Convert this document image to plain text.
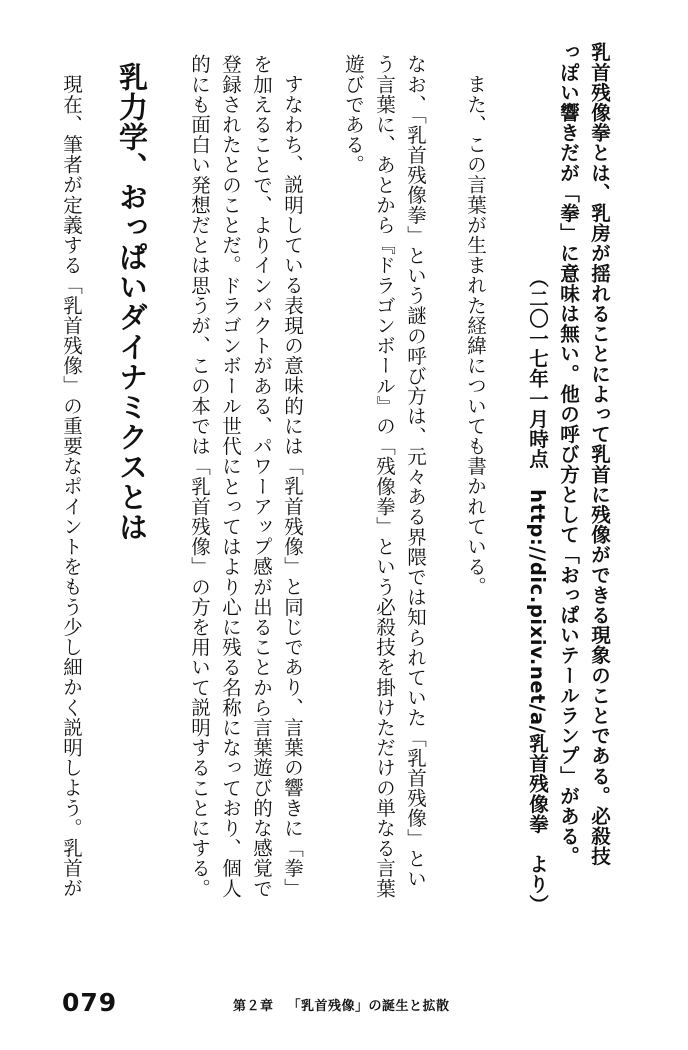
乳首残像拳とは、乳房が揺れることによって乳首に残像ができる現象のことである。必殺技
っぽい響きだが「拳」に意味は無い。他の呼び方として「おっぱいテールランプ」がある。
（二〇一七年一月時点　http://dic.pixiv.net/a/乳首残像拳　より）
また、この言葉が生まれた経緯についても書かれている。
なお、「乳首残像拳」という謎の呼び方は、元々ある界隈では知られていた「乳首残像」とい
う言葉に、あとから『ドラゴンボール』の「残像拳」という必殺技を掛けただけの単なる言葉
遊びである。
すなわち、説明している表現の意味的には「乳首残像」と同じであり、言葉の響きに「拳」
を加えることで、よりインパクトがある、パワーアップ感が出ることから言葉遊び的な感覚で
登録されたとのことだ。ドラゴンボール世代にとってはより心に残る名称になっており、個人
的にも面白い発想だとは思うが、この本では「乳首残像」の方を用いて説明することにする。
乳力学、おっぱいダイナミクスとは
現在、筆者が定義する「乳首残像」の重要なポイントをもう少し細かく説明しよう。乳首が
079	第２章 「乳首残像」の誕生と拡散
